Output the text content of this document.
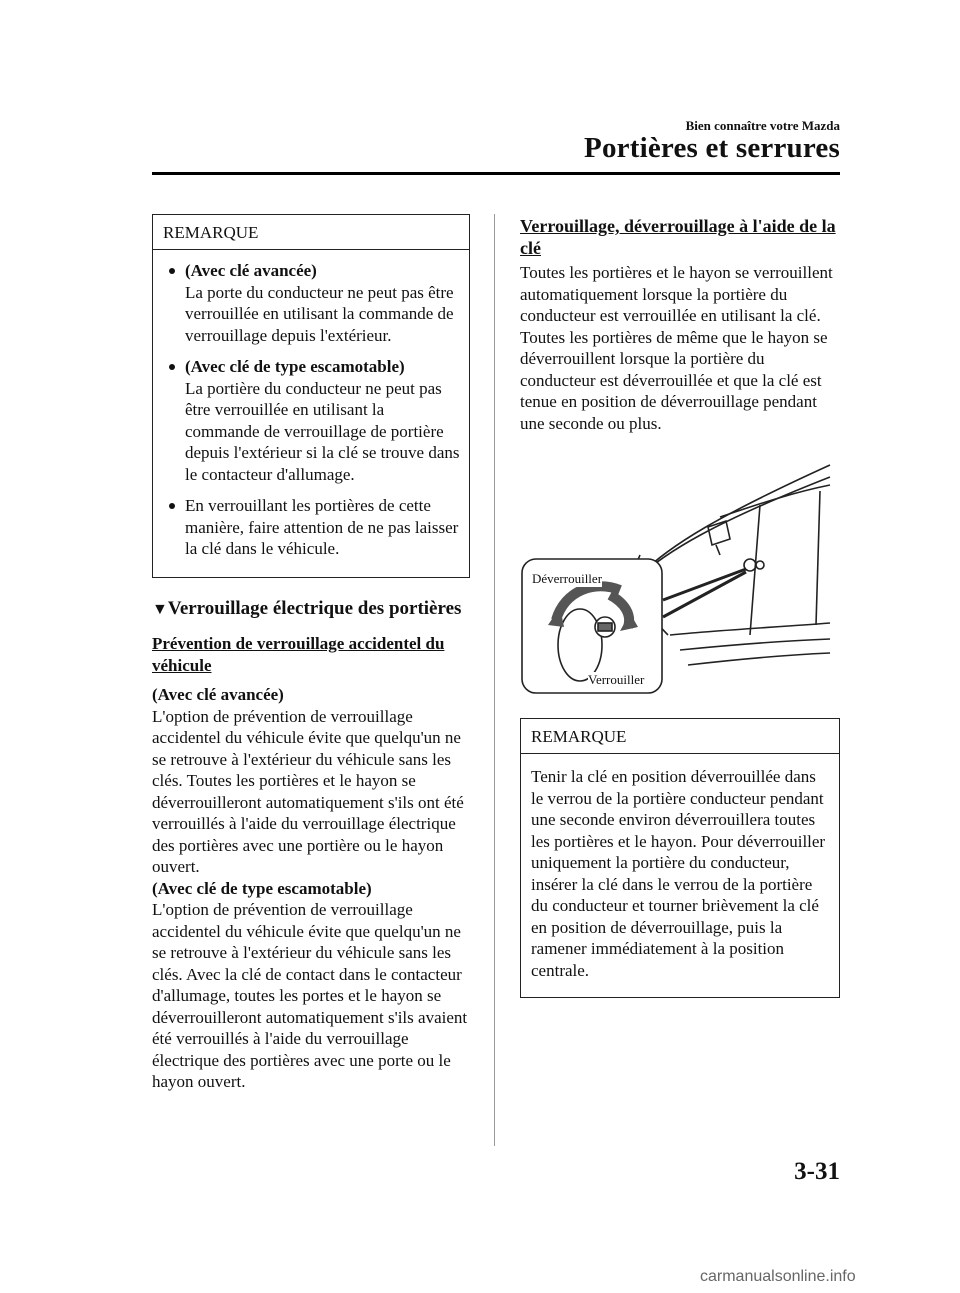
Bien connaître votre Mazda
Portières et serrures
REMARQUE
(Avec clé avancée)
La porte du conducteur ne peut pas être verrouillée en utilisant la commande de verrouillage depuis l'extérieur.
(Avec clé de type escamotable)
La portière du conducteur ne peut pas être verrouillée en utilisant la commande de verrouillage de portière depuis l'extérieur si la clé se trouve dans le contacteur d'allumage.
En verrouillant les portières de cette manière, faire attention de ne pas laisser la clé dans le véhicule.
▼Verrouillage électrique des portières
Prévention de verrouillage accidentel du véhicule
(Avec clé avancée)
L'option de prévention de verrouillage accidentel du véhicule évite que quelqu'un ne se retrouve à l'extérieur du véhicule sans les clés. Toutes les portières et le hayon se déverrouilleront automatiquement s'ils ont été verrouillés à l'aide du verrouillage électrique des portières avec une portière ou le hayon ouvert.
(Avec clé de type escamotable)
L'option de prévention de verrouillage accidentel du véhicule évite que quelqu'un ne se retrouve à l'extérieur du véhicule sans les clés. Avec la clé de contact dans le contacteur d'allumage, toutes les portes et le hayon se déverrouilleront automatiquement s'ils avaient été verrouillés à l'aide du verrouillage électrique des portières avec une porte ou le hayon ouvert.
Verrouillage, déverrouillage à l'aide de la clé
Toutes les portières et le hayon se verrouillent automatiquement lorsque la portière du conducteur est verrouillée en utilisant la clé. Toutes les portières de même que le hayon se déverrouillent lorsque la portière du conducteur est déverrouillée et que la clé est tenue en position de déverrouillage pendant une seconde ou plus.
Déverrouiller
Verrouiller
REMARQUE
Tenir la clé en position déverrouillée dans le verrou de la portière conducteur pendant une seconde environ déverrouillera toutes les portières et le hayon. Pour déverrouiller uniquement la portière du conducteur, insérer la clé dans le verrou de la portière du conducteur et tourner brièvement la clé en position de déverrouillage, puis la ramener immédiatement à la position centrale.
3-31
carmanualsonline.info
